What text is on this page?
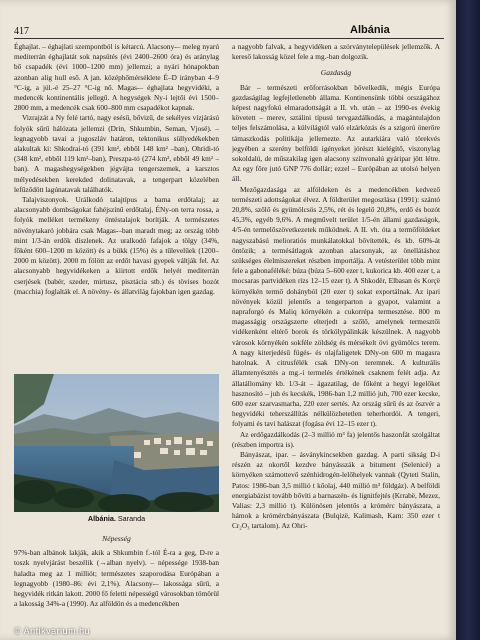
417	Albánia

Éghajlat. – éghajlati szempontból is kétarcú. Alacsony-– meleg nyarú mediterrán éghajlatát sok napsütés (évi 2400–2600 óra) és aránylag bő csapadék (évi 1000–1200 mm) jellemzi; a nyári hónapokban azonban alig hull eső. A jan. középhőmérséklete É–D irányban 4–9 °C-ig, a júl.-é 25–27 °C-ig nő. Magas-– éghajlata hegyvidéki, a medencék kontinentális jellegű. A hegységek Ny-i lejtői évi 1500–2800 mm, a medencék csak 600–800 mm csapadékot kapnak.

Vizrajzát a Ny felé tartó, nagy esésű, bővizű, de sekélyes vízjárású folyók sűrű hálózata jellemzi (Drin, Shkumbin, Seman, Vjosë). – legnagyobb tavai a jugoszláv határon, tektonikus süllyedékekben alakultak ki: Shkodrai-tó (391 km², ebből 148 km² –ban), Ohridi-tó (348 km², ebből 119 km²–ban), Preszpa-tó (274 km², ebből 49 km² –ban). A magashegységekben jégvájta tengerszemek, a karsztos mélyedésekben kerekded dolinatavak, a tengerpart közelében lefűződött lagúnatavak találhatók.

Talajviszonyok. Urálkodó talajtípus a barna erdőtalaj; az alacsonyabb dombságokat fahéjszínű erdőtalaj, ÉNy-on terra rossa, a folyók melléket termékeny öntéstalajok borítják. A természetes növénytakaró jobbára csak Magas-–ban maradt meg; az ország több mint 1/3-án erdők díszlenek. Az uralkodó fafajok a tölgy (34%, főként 600–1200 m között) és a bükk (15%) és a tűlevelűek (1200–2000 m között). 2000 m fölött az erdőt havasi gyepek váltják fel. Az alacsonyabb hegyvidékeken a kiirtott erdők helyét mediterrán cserjések (babér, szeder, mirtusz, pisztácia stb.) és tövises bozót (macchia) foglalták el. A növény- és állatvilág fajokban igen gazdag.

Albánia. Saranda
Népesség

97%-ban albánok lakják, akik a Shkumbin f.-tól É-ra a geg, D-re a toszk nyelvjárást beszélik (→alban nyelv). – népessége 1938-ban haladta meg az 1 milliót; természetes szaporodása Európában a legnagyobb (1980–86: évi 2,1%). Alacsony-– lakossága sűrű, a hegyvidék ritkán lakott. 2000 fő feletti népességű városokban tömörül a lakosság 34%-a (1990). Az alföldön és a medencékben

a nagyobb falvak, a hegyvidéken a szórványtelepülések jellemzők. A kereső lakosság közel fele a mg.-ban dolgozik.

Gazdaság

Bár – természeti erőforrásokban bővelkedik, mégis Európa gazdaságilag legfejletlenebb állama. Kontinensünk többi országához képest nagyfokú elmaradottságát a II. vh. után – az 1990-es évekig követett – merev, sztálini típusú tervgazdálkodás, a magántulajdon teljes felszámolása, a külvilágtól való elzárkózás és a szigorú önerőre támaszkodás politikája jellemezte. Az autarkiára való törekvés jegyében a szerény belföldi igényeket jórészt kielégítő, viszonylag sokoldalú, de műszakilag igen alacsony színvonalú gyáripar jött létre. Az egy főre jutó GNP 776 dollár; ezzel – Európában az utolsó helyen áll.

Mezőgazdasága az alföldeken és a medencékben kedvező természeti adottságokat élvez. A földterület megoszlása (1991): szántó 20,8%, szőlő és gyümölcsös 2,5%, rét és legelő 20,8%, erdő és bozót 45,3%, egyéb 9,6%. A megművelt terület 1/5-én állami gazdaságok, 4/5-én termelőszövetkezetek működnek. A II. vh. óta a termőföldeket nagyszabású melioratiós munkálatokkal bővítették, és kb. 60%-át öntözik; a termésátlagok azonban alacsonyak, az önellátáshoz szükséges élelmiszereket részben importálja. A vetésterület több mint fele a gabonaféléké: búza (búza 5–600 ezer t, kukorica kb. 400 ezer t, a mocsaras partvidéken rizs 12–15 ezer t). A Shkodër, Elbasan és Korçë környékén termő dohányból (20 ezer t) sokat exportálnak. Az ipari növények közül jelentős a tengerparton a gyapot, valamint a napraforgó és Maliq környékén a cukorrépa termesztése. 800 m magasságig országszerte elterjedt a szőlő, amelynek termesztői vidékenként eltérő borok és törkölypálinkák készülnek. A nagyobb városok környékén sokféle zöldség és mérsékelt övi gyümölcs terem. A nagy kiterjedésű fügés- és olajfaligetek DNy-on 600 m magasra hatolnak. A citrusfélék csak DNy-on teremnek. A kulturális államtenyésztés a mg.-i termelés értékének csaknem felét adja. Az állatállomány kb. 1/3-át – ágazatilag, de főként a hegyi legelőket hasznosító – juh és kecskék, 1986-ban 1,2 millió juh, 700 ezer kecske, 600 ezer szarvasmarha, 220 ezer sertés. Az ország sűrű és az öszvér a hegyvidéki teherszállítás nélkülözhetetlen teherhordói. A tengeri, folyami és tavi halászat (fogása évi 12–15 ezer t).

Az erdőgazdálkodás (2–3 millió m³ fa) jelentős haszonfát szolgáltat (részben importra is).

Bányászat, ipar. – ásványkincsekben gazdag. A parti sikság D-i részén az okortől kezdve bányásszák a bitument (Selenicë) a környéken számottevő szénhidrogén-lelőhelyek vannak (Qyteti Stalin, Patos: 1986-ban 3,5 millió t kőolaj, 440 millió m³ földgáz). A belföldi energiabázist tovább bővíti a barnaszén- és lignitfejtés (Krrabë, Mezez, Valias: 2,3 millió t). Különösen jelentős a krómérc bányászata, a hámok a krómércbányászata (Bulqizë, Kalimash, Kam: 350 ezer t Cr₂O₃ tartalom). Az Ohri-

© Antikvarium.hu
